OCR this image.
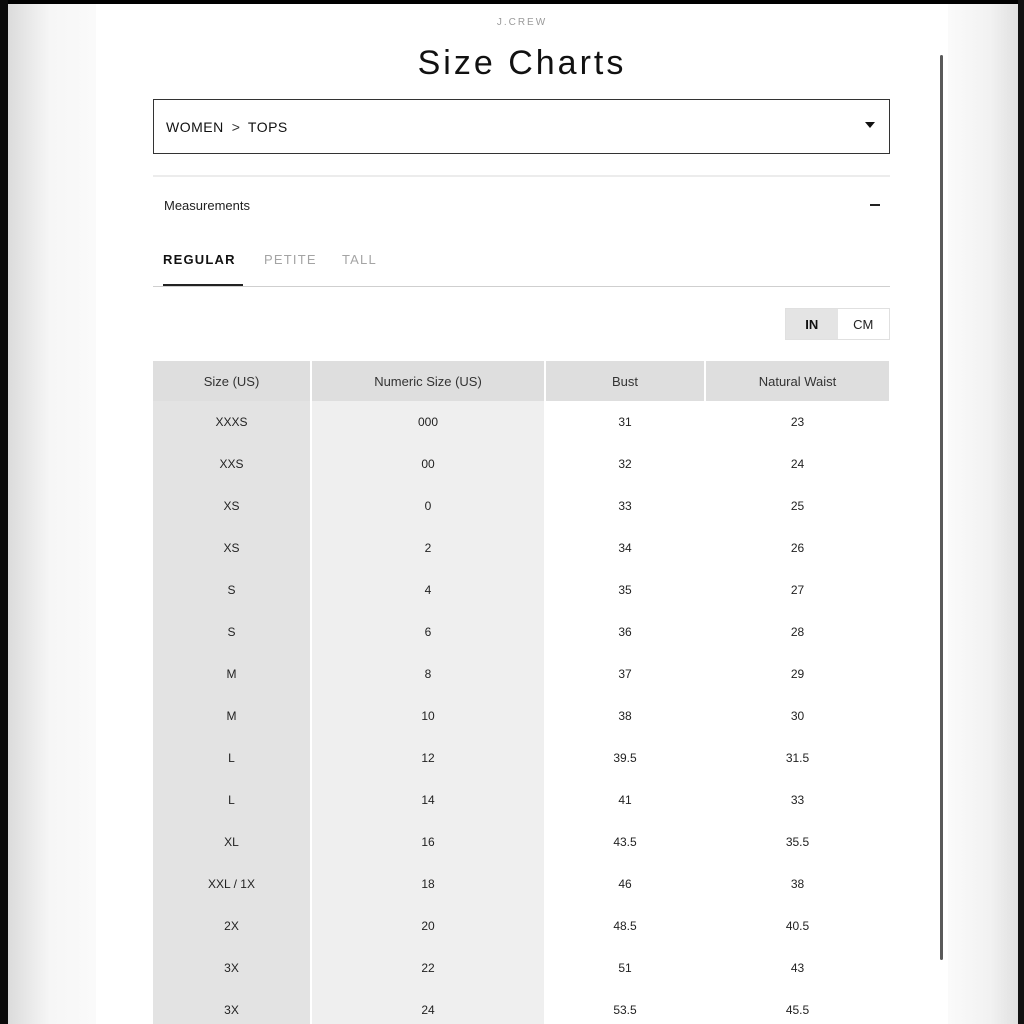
J.CREW
Size Charts
WOMEN > TOPS
Measurements
REGULAR	PETITE TALL
IN	CM
Size (US)	Numeric Size (US)	Bust	Natural Waist
XXXS	000	31	23
XXS	00	32	24
XS	0	33	25
XS	2	34	26
S	4	35	27
S	6	36	28
M	8	37	29
M	10	38	30
L	12	39.5	31.5
L	14	41	33
XL	16	43.5	35.5
XXL / 1X	18	46	38
2X	20	48.5	40.5
3X	22	51	43
3X	24	53.5	45.5
